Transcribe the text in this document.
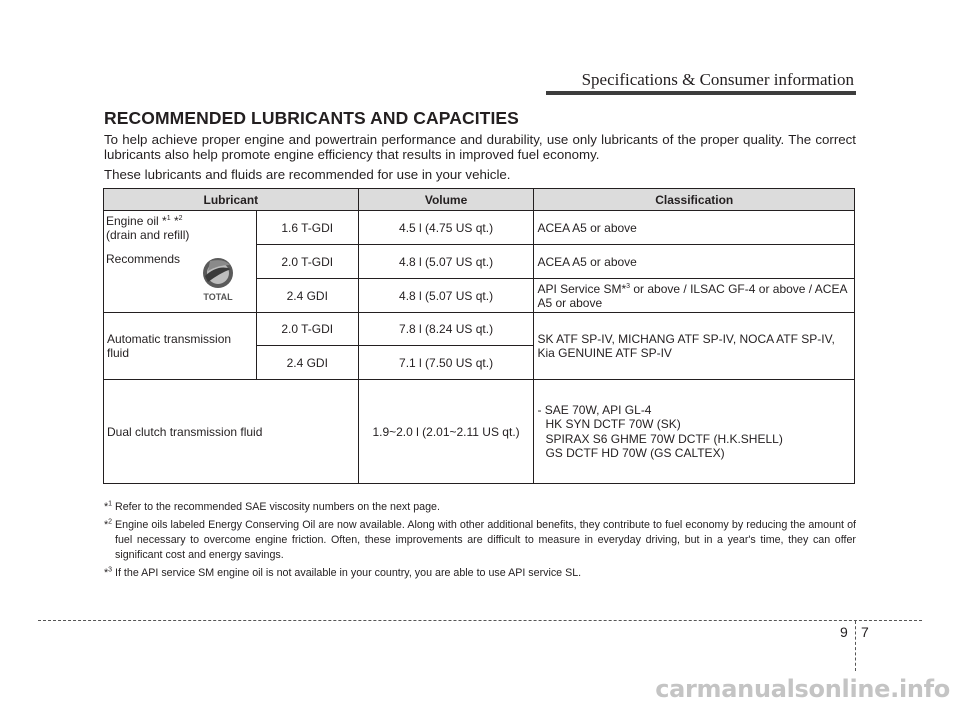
Specifications & Consumer information
RECOMMENDED LUBRICANTS AND CAPACITIES
To help achieve proper engine and powertrain performance and durability, use only lubricants of the proper quality. The correct lubricants also help promote engine efficiency that results in improved fuel economy.
These lubricants and fluids are recommended for use in your vehicle.
Lubricant		Volume	Classification

Engine oil *$^1$ *$^2$
(drain and refill)
Recommends
TOTAL	1.6 T-GDI	4.5 l (4.75 US qt.)	ACEA A5 or above
	2.0 T-GDI	4.8 l (5.07 US qt.)	ACEA A5 or above
	2.4 GDI	4.8 l (5.07 US qt.)	API Service SM*$^3$ or above / ILSAC GF-4 or above / ACEA A5 or above
Automatic transmission fluid	2.0 T-GDI	7.8 l (8.24 US qt.)	SK ATF SP-IV, MICHANG ATF SP-IV, NOCA ATF SP-IV, Kia GENUINE ATF SP-IV
	2.4 GDI	7.1 l (7.50 US qt.)	
Dual clutch transmission fluid		1.9~2.0 l (2.01~2.11 US qt.)	- SAE 70W, API GL-4
HK SYN DCTF 70W (SK)
SPIRAX S6 GHME 70W DCTF (H.K.SHELL)
GS DCTF HD 70W (GS CALTEX)
*$^1$ Refer to the recommended SAE viscosity numbers on the next page.
*$^2$ Engine oils labeled Energy Conserving Oil are now available. Along with other additional benefits, they contribute to fuel economy by reducing the amount of fuel necessary to overcome engine friction. Often, these improvements are difficult to measure in everyday driving, but in a year's time, they can offer significant cost and energy savings.
*$^3$ If the API service SM engine oil is not available in your country, you are able to use API service SL.
9 7
carmanualsonline.info
